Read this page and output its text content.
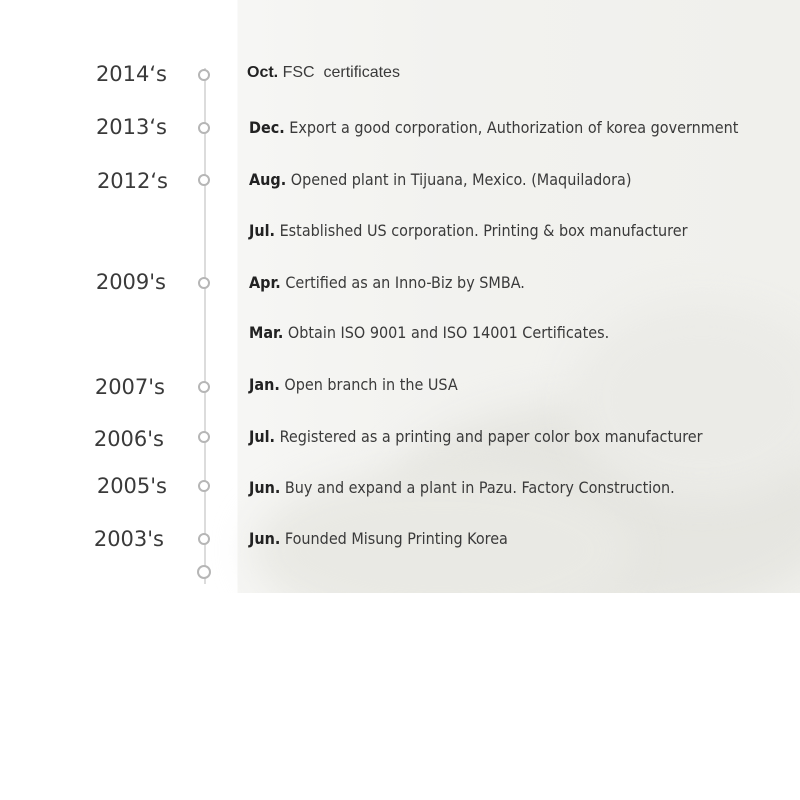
2014‘s
2013‘s
2012‘s
2009's
2007's
2006's
2005's
2003's
Oct. FSC  certificates
Dec. Export a good corporation, Authorization of korea government
Aug. Opened plant in Tijuana, Mexico. (Maquiladora)
Jul. Established US corporation. Printing & box manufacturer
Apr. Certified as an Inno-Biz by SMBA.
Mar. Obtain ISO 9001 and ISO 14001 Certificates.
Jan. Open branch in the USA
Jul. Registered as a printing and paper color box manufacturer
Jun. Buy and expand a plant in Pazu. Factory Construction.
Jun. Founded Misung Printing Korea
